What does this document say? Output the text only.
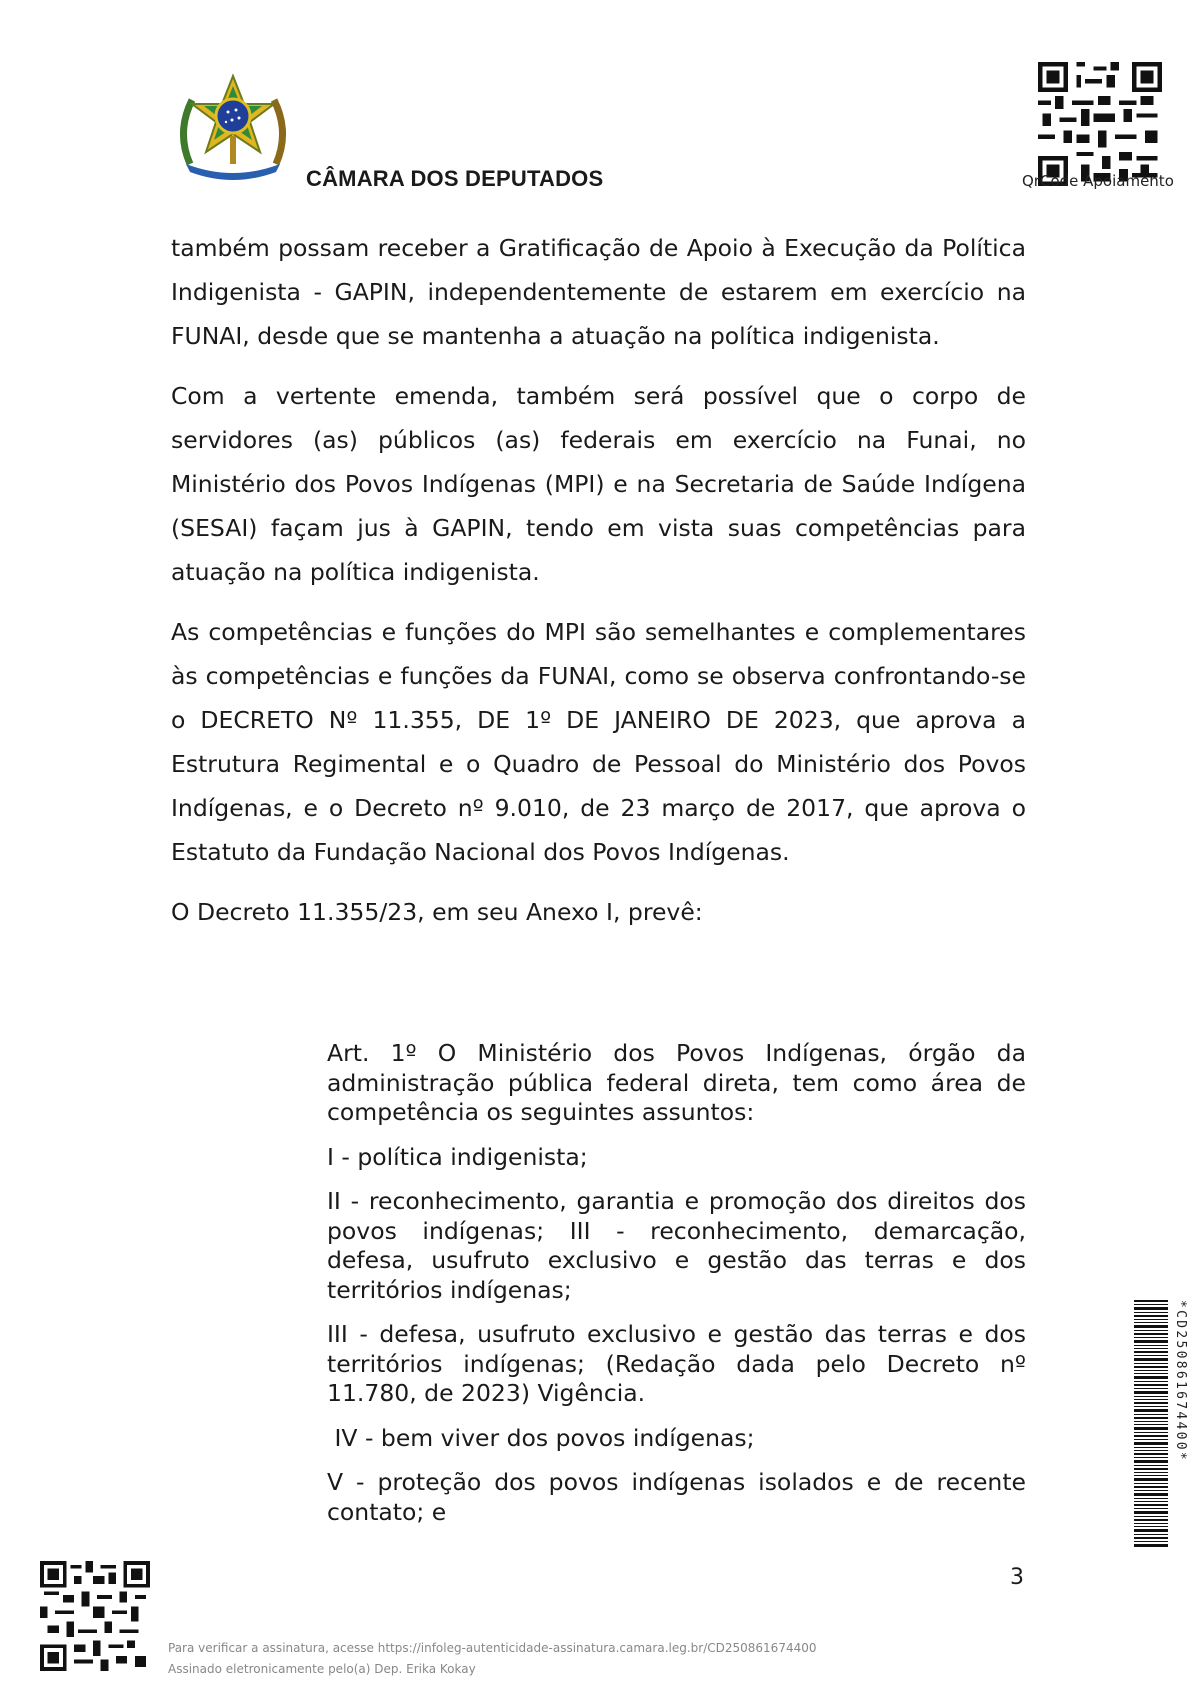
CÂMARA DOS DEPUTADOS	QrCode Apoiamento

também possam receber a Gratificação de Apoio à Execução da Política Indigenista - GAPIN, independentemente de estarem em exercício na FUNAI, desde que se mantenha a atuação na política indigenista.

Com a vertente emenda, também será possível que o corpo de servidores (as) públicos (as) federais em exercício na Funai, no Ministério dos Povos Indígenas (MPI) e na Secretaria de Saúde Indígena (SESAI) façam jus à GAPIN, tendo em vista suas competências para atuação na política indigenista.

As competências e funções do MPI são semelhantes e complementares às competências e funções da FUNAI, como se observa confrontando-se o DECRETO Nº 11.355, DE 1º DE JANEIRO DE 2023, que aprova a Estrutura Regimental e o Quadro de Pessoal do Ministério dos Povos Indígenas, e o Decreto nº 9.010, de 23 março de 2017, que aprova o Estatuto da Fundação Nacional dos Povos Indígenas.

O Decreto 11.355/23, em seu Anexo I, prevê:

Art. 1º O Ministério dos Povos Indígenas, órgão da administração pública federal direta, tem como área de competência os seguintes assuntos:

I - política indigenista;

II - reconhecimento, garantia e promoção dos direitos dos povos indígenas; III - reconhecimento, demarcação, defesa, usufruto exclusivo e gestão das terras e dos territórios indígenas;

III - defesa, usufruto exclusivo e gestão das terras e dos territórios indígenas; (Redação dada pelo Decreto nº 11.780, de 2023) Vigência.

IV - bem viver dos povos indígenas;

V - proteção dos povos indígenas isolados e de recente contato; e

*CD250861674400*
3
Para verificar a assinatura, acesse https://infoleg-autenticidade-assinatura.camara.leg.br/CD250861674400
Assinado eletronicamente pelo(a) Dep. Erika Kokay
